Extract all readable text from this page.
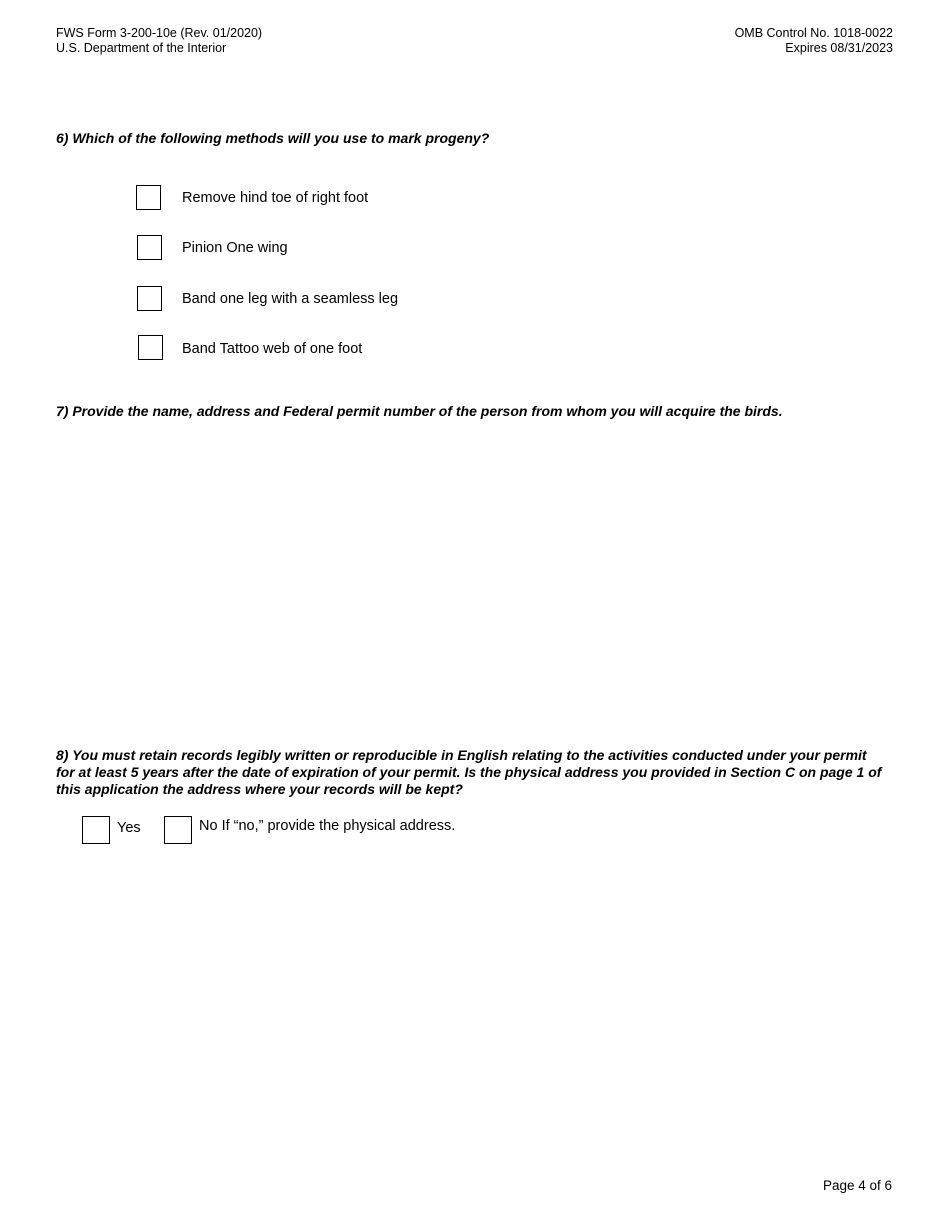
FWS Form 3-200-10e (Rev. 01/2020)
U.S. Department of the Interior
OMB Control No. 1018-0022
Expires 08/31/2023
6) Which of the following methods will you use to mark progeny?
Remove hind toe of right foot
Pinion One wing
Band one leg with a seamless leg
Band Tattoo web of one foot
7) Provide the name, address and Federal permit number of the person from whom you will acquire the birds.
8) You must retain records legibly written or reproducible in English relating to the activities conducted under your permit for at least 5 years after the date of expiration of your permit. Is the physical address you provided in Section C on page 1 of this application the address where your records will be kept?
Yes	No If “no,” provide the physical address.
Page 4 of 6
